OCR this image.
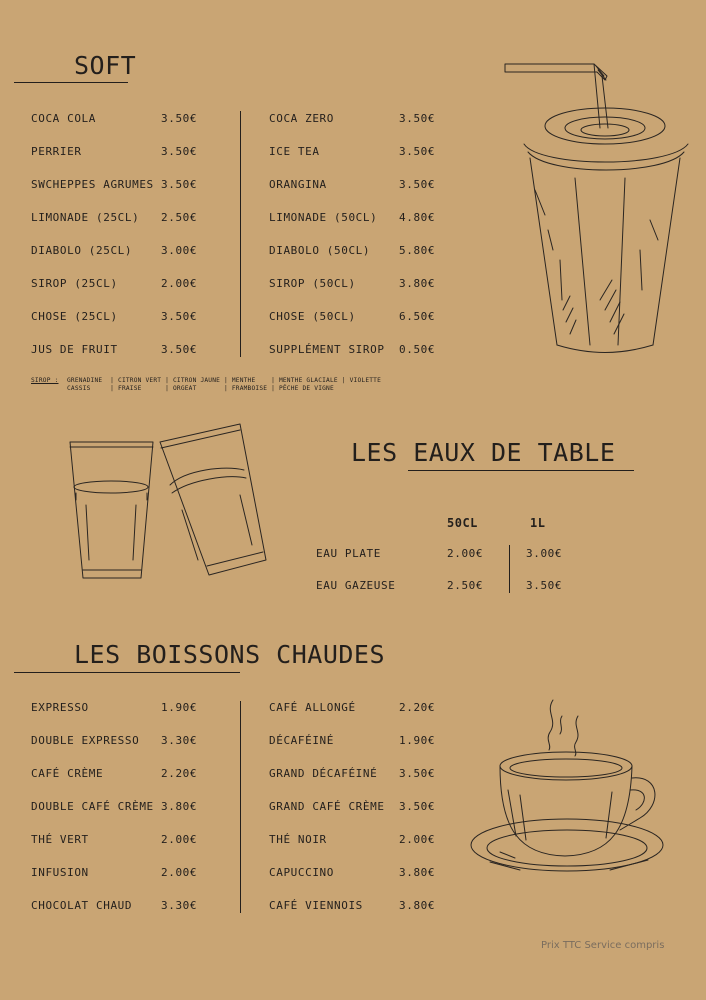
SOFT
COCA COLA	3.50€
PERRIER	3.50€
SWCHEPPES AGRUMES 3.50€
LIMONADE (25CL) 2.50€
DIABOLO (25CL)	3.00€
SIROP (25CL)	2.00€
CHOSE (25CL)	3.50€
JUS DE FRUIT	3.50€
COCA ZERO	3.50€
ICE TEA	3.50€
ORANGINA	3.50€
LIMONADE (50CL) 4.80€
DIABOLO (50CL)	5.80€
SIROP (50CL)	3.80€
CHOSE (50CL)	6.50€
SUPPLÉMENT SIROP 0.50€
SIROP : GRENADINE  | CITRON VERT | CITRON JAUNE | MENTHE    | MENTHE GLACIALE | VIOLETTE
CASSIS     | FRAISE      | ORGEAT       | FRAMBOISE | PÊCHE DE VIGNE
LES EAUX DE TABLE
50CL	1L
EAU PLATE	2.00€	3.00€
EAU GAZEUSE	2.50€	3.50€
LES BOISSONS CHAUDES
EXPRESSO	1.90€
DOUBLE EXPRESSO 3.30€
CAFÉ CRÈME	2.20€
DOUBLE CAFÉ CRÈME 3.80€
THÉ VERT	2.00€
INFUSION	2.00€
CHOCOLAT CHAUD	3.30€
CAFÉ ALLONGÉ	2.20€
DÉCAFÉINÉ	1.90€
GRAND DÉCAFÉINÉ 3.50€
GRAND CAFÉ CRÈME 3.50€
THÉ NOIR	2.00€
CAPUCCINO	3.80€
CAFÉ VIENNOIS	3.80€
Prix TTC Service compris
